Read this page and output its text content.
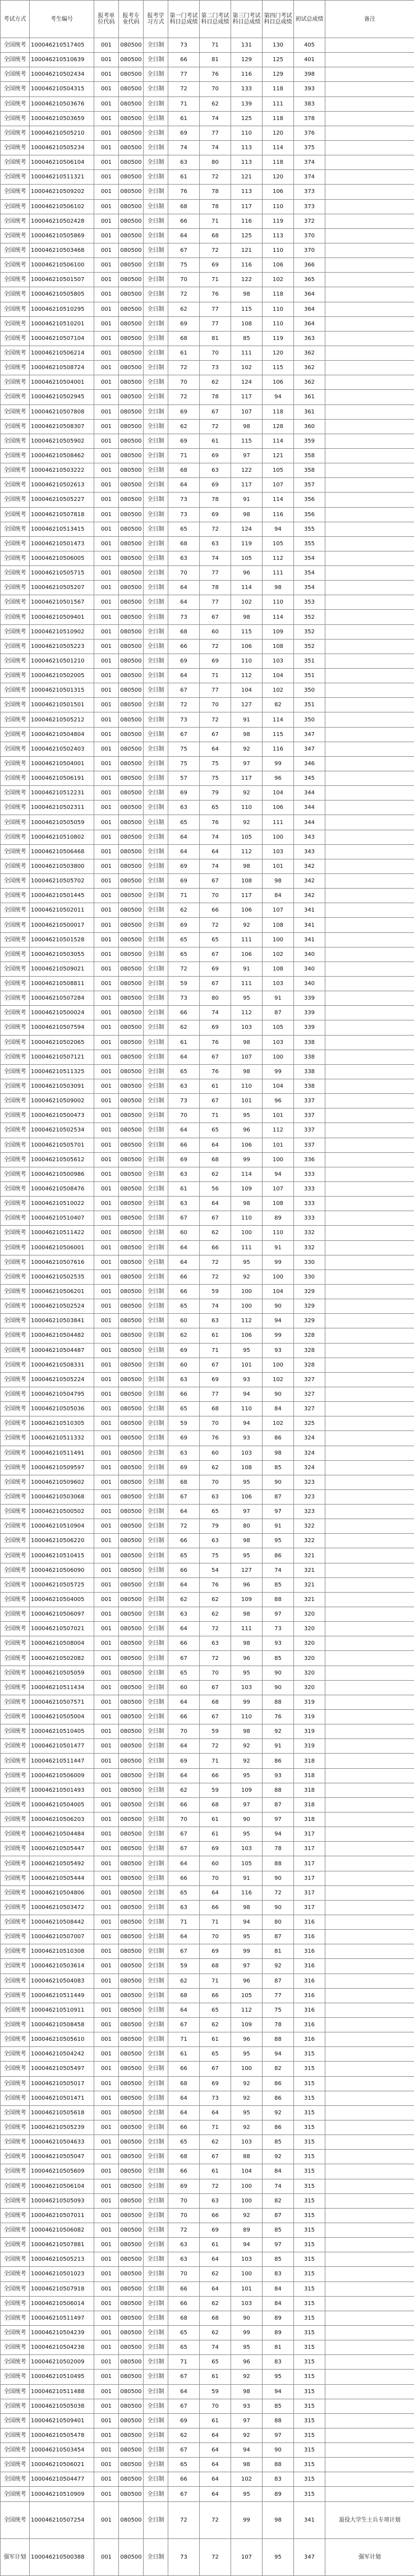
考试方式	考生编号	报考单位代码	报考专业代码	报考学习方式	第一门考试科目总成绩	第二门考试科目总成绩	第三门考试科目总成绩	第四门考试科目总成绩	初试总成绩	备注
全国统考	100046210517405	001	080500	全日制	73	71	131	130	405	
全国统考	100046210510639	001	080500	全日制	66	81	129	125	401	
全国统考	100046210502434	001	080500	全日制	77	76	116	129	398	
全国统考	100046210504315	001	080500	全日制	72	70	133	118	393	
全国统考	100046210503676	001	080500	全日制	71	62	139	111	383	
全国统考	100046210503659	001	080500	全日制	61	74	125	118	378	
全国统考	100046210505210	001	080500	全日制	69	77	110	120	376	
全国统考	100046210505234	001	080500	全日制	74	74	113	114	375	
全国统考	100046210506104	001	080500	全日制	63	80	113	118	374	
全国统考	100046210511321	001	080500	全日制	61	72	121	120	374	
全国统考	100046210509202	001	080500	全日制	76	78	113	106	373	
全国统考	100046210506102	001	080500	全日制	68	78	117	110	373	
全国统考	100046210502428	001	080500	全日制	66	71	116	119	372	
全国统考	100046210505869	001	080500	全日制	64	68	125	113	370	
全国统考	100046210503468	001	080500	全日制	67	72	121	110	370	
全国统考	100046210506100	001	080500	全日制	75	69	116	106	366	
全国统考	100046210501507	001	080500	全日制	70	71	122	102	365	
全国统考	100046210505805	001	080500	全日制	72	76	98	118	364	
全国统考	100046210510295	001	080500	全日制	62	77	115	110	364	
全国统考	100046210510201	001	080500	全日制	69	77	108	110	364	
全国统考	100046210507104	001	080500	全日制	68	81	85	119	363	
全国统考	100046210506214	001	080500	全日制	61	70	111	120	362	
全国统考	100046210508724	001	080500	全日制	72	73	102	115	362	
全国统考	100046210504001	001	080500	全日制	70	62	124	106	362	
全国统考	100046210502945	001	080500	全日制	72	78	117	94	361	
全国统考	100046210507808	001	080500	全日制	69	67	107	118	361	
全国统考	100046210508307	001	080500	全日制	62	72	98	128	360	
全国统考	100046210505902	001	080500	全日制	69	61	115	114	359	
全国统考	100046210508462	001	080500	全日制	71	69	97	121	358	
全国统考	100046210503222	001	080500	全日制	68	63	122	105	358	
全国统考	100046210502613	001	080500	全日制	64	69	117	107	357	
全国统考	100046210505227	001	080500	全日制	73	78	91	114	356	
全国统考	100046210507818	001	080500	全日制	73	69	98	116	356	
全国统考	100046210513415	001	080500	全日制	65	72	124	94	355	
全国统考	100046210501473	001	080500	全日制	68	63	119	105	355	
全国统考	100046210506005	001	080500	全日制	63	74	105	112	354	
全国统考	100046210505715	001	080500	全日制	70	77	96	111	354	
全国统考	100046210505207	001	080500	全日制	64	78	114	98	354	
全国统考	100046210501567	001	080500	全日制	64	77	102	110	353	
全国统考	100046210509401	001	080500	全日制	73	67	98	114	352	
全国统考	100046210510902	001	080500	全日制	68	60	115	109	352	
全国统考	100046210505223	001	080500	全日制	66	72	106	108	352	
全国统考	100046210501210	001	080500	全日制	69	69	110	103	351	
全国统考	100046210502005	001	080500	全日制	64	71	112	104	351	
全国统考	100046210501315	001	080500	全日制	67	77	104	102	350	
全国统考	100046210501501	001	080500	全日制	72	70	127	82	351	
全国统考	100046210505212	001	080500	全日制	73	72	91	114	350	
全国统考	100046210504804	001	080500	全日制	67	67	98	115	347	
全国统考	100046210502403	001	080500	全日制	75	64	92	116	347	
全国统考	100046210504001	001	080500	全日制	75	75	97	99	346	
全国统考	100046210506191	001	080500	全日制	57	75	117	96	345	
全国统考	100046210512231	001	080500	全日制	69	79	92	104	344	
全国统考	100046210502311	001	080500	全日制	63	65	110	106	344	
全国统考	100046210505059	001	080500	全日制	65	76	92	111	344	
全国统考	100046210510802	001	080500	全日制	64	74	105	100	343	
全国统考	100046210506468	001	080500	全日制	64	64	112	103	343	
全国统考	100046210503800	001	080500	全日制	69	74	98	101	342	
全国统考	100046210505702	001	080500	全日制	69	67	108	98	342	
全国统考	100046210501445	001	080500	全日制	71	70	117	84	342	
全国统考	100046210502011	001	080500	全日制	62	66	106	107	341	
全国统考	100046210500017	001	080500	全日制	69	72	92	108	341	
全国统考	100046210501528	001	080500	全日制	65	65	111	100	341	
全国统考	100046210503055	001	080500	全日制	65	67	106	102	340	
全国统考	100046210509021	001	080500	全日制	72	69	91	108	340	
全国统考	100046210508811	001	080500	全日制	59	67	111	103	340	
全国统考	100046210507284	001	080500	全日制	73	80	95	91	339	
全国统考	100046210500024	001	080500	全日制	66	74	112	87	339	
全国统考	100046210507594	001	080500	全日制	62	69	103	105	339	
全国统考	100046210502065	001	080500	全日制	61	76	98	103	338	
全国统考	100046210507121	001	080500	全日制	64	67	107	100	338	
全国统考	100046210511325	001	080500	全日制	65	76	98	99	338	
全国统考	100046210503091	001	080500	全日制	63	61	110	104	338	
全国统考	100046210509002	001	080500	全日制	73	67	101	96	337	
全国统考	100046210500473	001	080500	全日制	70	71	95	101	337	
全国统考	100046210502534	001	080500	全日制	64	65	96	112	337	
全国统考	100046210505701	001	080500	全日制	66	64	106	101	337	
全国统考	100046210505612	001	080500	全日制	69	68	99	100	336	
全国统考	100046210500986	001	080500	全日制	63	62	114	94	333	
全国统考	100046210508476	001	080500	全日制	61	56	109	107	333	
全国统考	100046210510022	001	080500	全日制	63	64	98	108	333	
全国统考	100046210510407	001	080500	全日制	67	67	110	89	333	
全国统考	100046210511422	001	080500	全日制	60	62	100	110	332	
全国统考	100046210506001	001	080500	全日制	64	66	111	91	332	
全国统考	100046210507616	001	080500	全日制	64	72	95	99	330	
全国统考	100046210502535	001	080500	全日制	66	72	92	100	330	
全国统考	100046210506201	001	080500	全日制	66	59	100	104	329	
全国统考	100046210502524	001	080500	全日制	65	74	100	90	329	
全国统考	100046210503841	001	080500	全日制	60	63	112	94	329	
全国统考	100046210504482	001	080500	全日制	62	61	106	99	328	
全国统考	100046210504487	001	080500	全日制	69	71	95	93	328	
全国统考	100046210508331	001	080500	全日制	60	67	101	100	328	
全国统考	100046210505224	001	080500	全日制	63	69	93	102	327	
全国统考	100046210504795	001	080500	全日制	66	77	94	90	327	
全国统考	100046210505036	001	080500	全日制	65	68	110	84	327	
全国统考	100046210510305	001	080500	全日制	59	70	94	102	325	
全国统考	100046210511332	001	080500	全日制	69	76	93	86	324	
全国统考	100046210511491	001	080500	全日制	63	60	103	98	324	
全国统考	100046210509597	001	080500	全日制	69	62	108	85	324	
全国统考	100046210509602	001	080500	全日制	68	70	95	90	323	
全国统考	100046210503068	001	080500	全日制	67	63	106	87	323	
全国统考	100046210500502	001	080500	全日制	64	65	97	97	323	
全国统考	100046210510904	001	080500	全日制	72	79	80	91	322	
全国统考	100046210506220	001	080500	全日制	66	63	98	95	322	
全国统考	100046210510415	001	080500	全日制	65	75	95	86	321	
全国统考	100046210506090	001	080500	全日制	66	54	127	74	321	
全国统考	100046210505725	001	080500	全日制	64	76	96	85	321	
全国统考	100046210504005	001	080500	全日制	62	62	109	88	321	
全国统考	100046210506097	001	080500	全日制	63	62	98	97	320	
全国统考	100046210507021	001	080500	全日制	64	72	111	73	320	
全国统考	100046210508004	001	080500	全日制	66	63	98	93	320	
全国统考	100046210502082	001	080500	全日制	67	72	96	85	320	
全国统考	100046210505059	001	080500	全日制	65	70	95	90	320	
全国统考	100046210511434	001	080500	全日制	60	67	103	90	320	
全国统考	100046210507571	001	080500	全日制	64	68	99	88	319	
全国统考	100046210505004	001	080500	全日制	66	67	110	76	319	
全国统考	100046210510405	001	080500	全日制	70	59	98	92	319	
全国统考	100046210501477	001	080500	全日制	64	72	92	91	319	
全国统考	100046210511447	001	080500	全日制	69	71	92	86	318	
全国统考	100046210506009	001	080500	全日制	64	66	95	93	318	
全国统考	100046210501493	001	080500	全日制	62	59	109	88	318	
全国统考	100046210504005	001	080500	全日制	66	68	97	87	318	
全国统考	100046210506203	001	080500	全日制	70	61	90	97	318	
全国统考	100046210504484	001	080500	全日制	67	61	95	94	317	
全国统考	100046210505447	001	080500	全日制	67	69	103	78	317	
全国统考	100046210505492	001	080500	全日制	64	60	105	88	317	
全国统考	100046210505444	001	080500	全日制	66	70	91	90	317	
全国统考	100046210504806	001	080500	全日制	65	64	116	72	317	
全国统考	100046210503472	001	080500	全日制	63	66	98	90	317	
全国统考	100046210508442	001	080500	全日制	71	71	94	80	316	
全国统考	100046210507007	001	080500	全日制	64	70	95	87	316	
全国统考	100046210510308	001	080500	全日制	67	69	99	81	316	
全国统考	100046210503614	001	080500	全日制	59	68	97	92	316	
全国统考	100046210504083	001	080500	全日制	62	71	96	87	316	
全国统考	100046210511449	001	080500	全日制	68	66	105	77	316	
全国统考	100046210510911	001	080500	全日制	64	65	112	75	316	
全国统考	100046210508458	001	080500	全日制	67	62	109	78	316	
全国统考	100046210505610	001	080500	全日制	71	61	96	88	316	
全国统考	100046210504242	001	080500	全日制	61	65	95	94	315	
全国统考	100046210505497	001	080500	全日制	66	67	100	82	315	
全国统考	100046210505017	001	080500	全日制	68	69	92	86	315	
全国统考	100046210501471	001	080500	全日制	64	73	92	86	315	
全国统考	100046210505618	001	080500	全日制	64	64	95	92	315	
全国统考	100046210505239	001	080500	全日制	66	71	92	86	315	
全国统考	100046210504633	001	080500	全日制	65	62	103	85	315	
全国统考	100046210505047	001	080500	全日制	68	67	88	92	315	
全国统考	100046210505609	001	080500	全日制	66	61	104	84	315	
全国统考	100046210506104	001	080500	全日制	69	72	100	74	315	
全国统考	100046210505093	001	080500	全日制	70	63	100	82	315	
全国统考	100046210507011	001	080500	全日制	70	66	92	87	315	
全国统考	100046210506082	001	080500	全日制	72	69	89	85	315	
全国统考	100046210507881	001	080500	全日制	63	61	94	97	315	
全国统考	100046210505213	001	080500	全日制	63	64	103	85	315	
全国统考	100046210501023	001	080500	全日制	70	62	100	83	315	
全国统考	100046210507918	001	080500	全日制	66	64	101	84	315	
全国统考	100046210506014	001	080500	全日制	66	62	103	84	315	
全国统考	100046210511497	001	080500	全日制	68	68	90	89	315	
全国统考	100046210504239	001	080500	全日制	65	62	99	89	315	
全国统考	100046210504238	001	080500	全日制	65	74	95	81	315	
全国统考	100046210502009	001	080500	全日制	71	65	96	83	315	
全国统考	100046210510495	001	080500	全日制	67	61	92	95	315	
全国统考	100046210511488	001	080500	全日制	64	59	98	94	315	
全国统考	100046210505038	001	080500	全日制	67	70	93	85	315	
全国统考	100046210509401	001	080500	全日制	69	61	97	88	315	
全国统考	100046210505478	001	080500	全日制	62	64	92	97	315	
全国统考	100046210503454	001	080500	全日制	67	64	94	90	315	
全国统考	100046210506021	001	080500	全日制	65	64	98	88	315	
全国统考	100046210504477	001	080500	全日制	66	64	102	83	315	
全国统考	100046210510909	001	080500	全日制	67	64	95	89	315	
全国统考	100046210507254	001	080500	全日制	72	72	99	98	341	退役大学生士兵专项计划
强军计划	100046210500388	001	080500	全日制	73	72	107	95	347	强军计划
